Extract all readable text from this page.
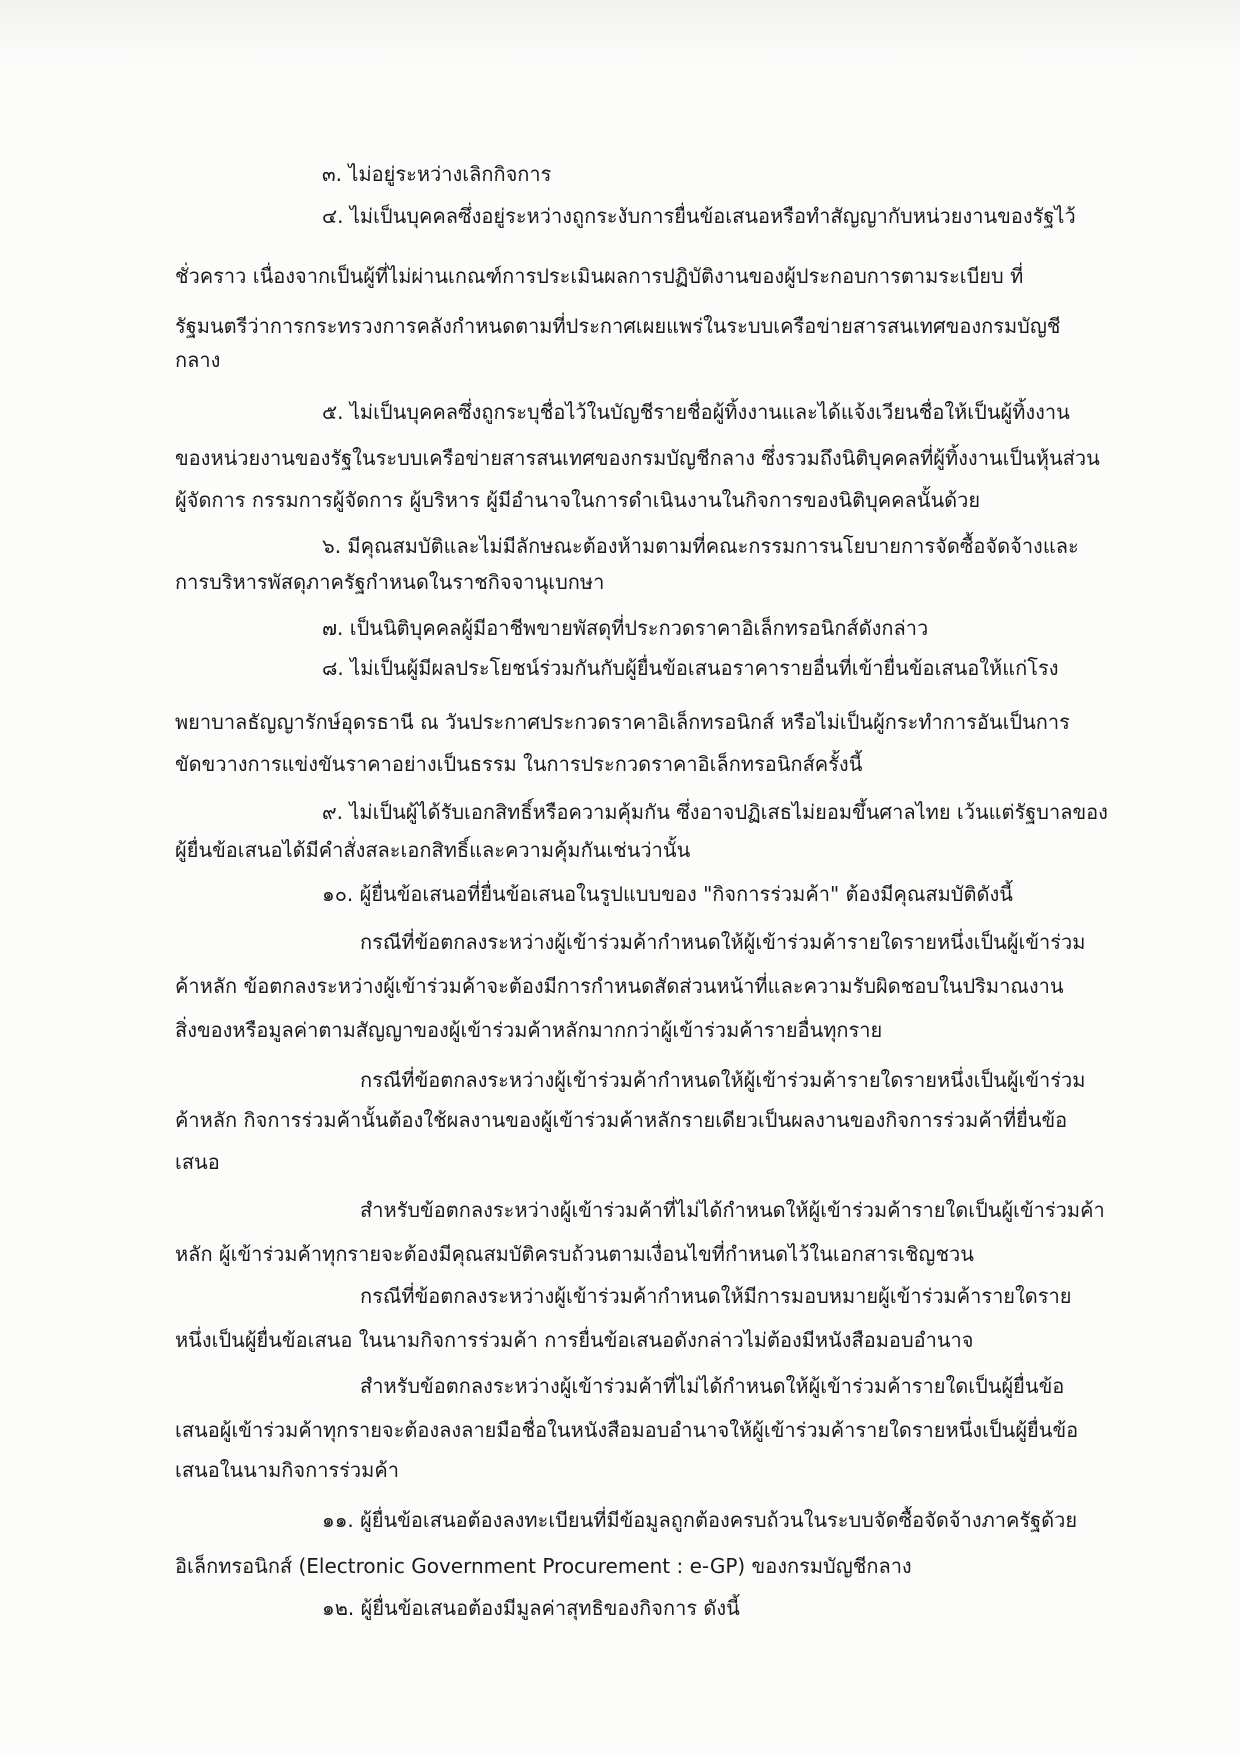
๓. ไม่อยู่ระหว่างเลิกกิจการ

๔. ไม่เป็นบุคคลซึ่งอยู่ระหว่างถูกระงับการยื่นข้อเสนอหรือทำสัญญากับหน่วยงานของรัฐไว้

ชั่วคราว เนื่องจากเป็นผู้ที่ไม่ผ่านเกณฑ์การประเมินผลการปฏิบัติงานของผู้ประกอบการตามระเบียบ ที่

รัฐมนตรีว่าการกระทรวงการคลังกำหนดตามที่ประกาศเผยแพร่ในระบบเครือข่ายสารสนเทศของกรมบัญชี

กลาง

๕. ไม่เป็นบุคคลซึ่งถูกระบุชื่อไว้ในบัญชีรายชื่อผู้ทิ้งงานและได้แจ้งเวียนชื่อให้เป็นผู้ทิ้งงาน

ของหน่วยงานของรัฐในระบบเครือข่ายสารสนเทศของกรมบัญชีกลาง ซึ่งรวมถึงนิติบุคคลที่ผู้ทิ้งงานเป็นหุ้นส่วน

ผู้จัดการ กรรมการผู้จัดการ ผู้บริหาร ผู้มีอำนาจในการดำเนินงานในกิจการของนิติบุคคลนั้นด้วย

๖. มีคุณสมบัติและไม่มีลักษณะต้องห้ามตามที่คณะกรรมการนโยบายการจัดซื้อจัดจ้างและ

การบริหารพัสดุภาครัฐกำหนดในราชกิจจานุเบกษา

๗. เป็นนิติบุคคลผู้มีอาชีพขายพัสดุที่ประกวดราคาอิเล็กทรอนิกส์ดังกล่าว

๘. ไม่เป็นผู้มีผลประโยชน์ร่วมกันกับผู้ยื่นข้อเสนอราคารายอื่นที่เข้ายื่นข้อเสนอให้แก่โรง

พยาบาลธัญญารักษ์อุดรธานี ณ วันประกาศประกวดราคาอิเล็กทรอนิกส์ หรือไม่เป็นผู้กระทำการอันเป็นการ

ขัดขวางการแข่งขันราคาอย่างเป็นธรรม ในการประกวดราคาอิเล็กทรอนิกส์ครั้งนี้

๙. ไม่เป็นผู้ได้รับเอกสิทธิ์หรือความคุ้มกัน ซึ่งอาจปฏิเสธไม่ยอมขึ้นศาลไทย เว้นแต่รัฐบาลของ

ผู้ยื่นข้อเสนอได้มีคำสั่งสละเอกสิทธิ์และความคุ้มกันเช่นว่านั้น

๑๐. ผู้ยื่นข้อเสนอที่ยื่นข้อเสนอในรูปแบบของ "กิจการร่วมค้า" ต้องมีคุณสมบัติดังนี้

กรณีที่ข้อตกลงระหว่างผู้เข้าร่วมค้ากำหนดให้ผู้เข้าร่วมค้ารายใดรายหนึ่งเป็นผู้เข้าร่วม

ค้าหลัก ข้อตกลงระหว่างผู้เข้าร่วมค้าจะต้องมีการกำหนดสัดส่วนหน้าที่และความรับผิดชอบในปริมาณงาน

สิ่งของหรือมูลค่าตามสัญญาของผู้เข้าร่วมค้าหลักมากกว่าผู้เข้าร่วมค้ารายอื่นทุกราย

กรณีที่ข้อตกลงระหว่างผู้เข้าร่วมค้ากำหนดให้ผู้เข้าร่วมค้ารายใดรายหนึ่งเป็นผู้เข้าร่วม

ค้าหลัก กิจการร่วมค้านั้นต้องใช้ผลงานของผู้เข้าร่วมค้าหลักรายเดียวเป็นผลงานของกิจการร่วมค้าที่ยื่นข้อ

เสนอ

สำหรับข้อตกลงระหว่างผู้เข้าร่วมค้าที่ไม่ได้กำหนดให้ผู้เข้าร่วมค้ารายใดเป็นผู้เข้าร่วมค้า

หลัก ผู้เข้าร่วมค้าทุกรายจะต้องมีคุณสมบัติครบถ้วนตามเงื่อนไขที่กำหนดไว้ในเอกสารเชิญชวน

กรณีที่ข้อตกลงระหว่างผู้เข้าร่วมค้ากำหนดให้มีการมอบหมายผู้เข้าร่วมค้ารายใดราย

หนึ่งเป็นผู้ยื่นข้อเสนอ ในนามกิจการร่วมค้า การยื่นข้อเสนอดังกล่าวไม่ต้องมีหนังสือมอบอำนาจ

สำหรับข้อตกลงระหว่างผู้เข้าร่วมค้าที่ไม่ได้กำหนดให้ผู้เข้าร่วมค้ารายใดเป็นผู้ยื่นข้อ

เสนอผู้เข้าร่วมค้าทุกรายจะต้องลงลายมือชื่อในหนังสือมอบอำนาจให้ผู้เข้าร่วมค้ารายใดรายหนึ่งเป็นผู้ยื่นข้อ

เสนอในนามกิจการร่วมค้า

๑๑. ผู้ยื่นข้อเสนอต้องลงทะเบียนที่มีข้อมูลถูกต้องครบถ้วนในระบบจัดซื้อจัดจ้างภาครัฐด้วย

อิเล็กทรอนิกส์ (Electronic Government Procurement : e-GP) ของกรมบัญชีกลาง

๑๒. ผู้ยื่นข้อเสนอต้องมีมูลค่าสุทธิของกิจการ ดังนี้
